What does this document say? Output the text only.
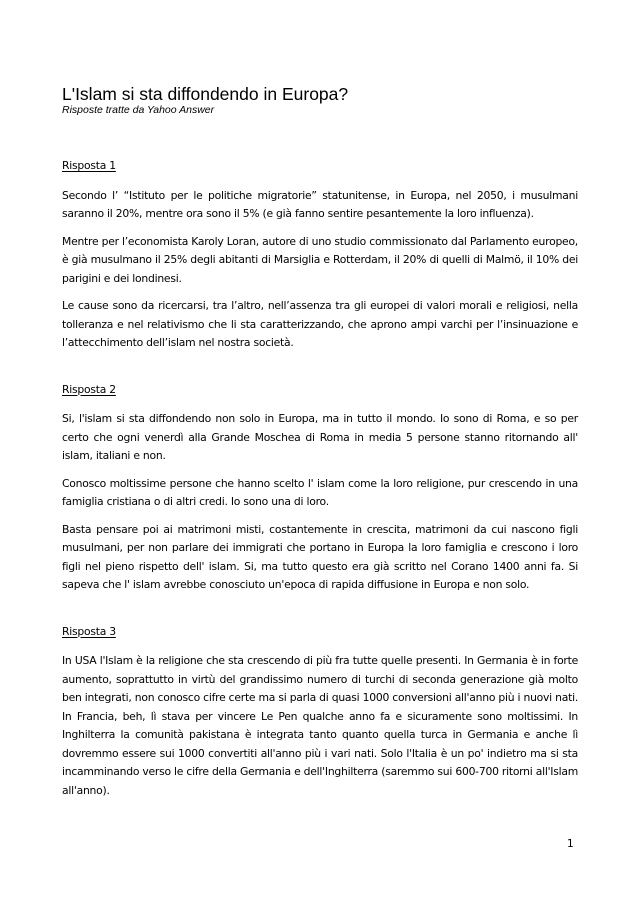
L'Islam si sta diffondendo in Europa?
Risposte tratte da Yahoo Answer
Risposta 1

Secondo l’ “Istituto per le politiche migratorie” statunitense, in Europa, nel 2050, i musulmani saranno il 20%, mentre ora sono il 5% (e già fanno sentire pesantemente la loro influenza).

Mentre per l’economista Karoly Loran, autore di uno studio commissionato dal Parlamento europeo, è già musulmano il 25% degli abitanti di Marsiglia e Rotterdam, il 20% di quelli di Malmö, il 10% dei parigini e dei londinesi.

Le cause sono da ricercarsi, tra l’altro, nell’assenza tra gli europei di valori morali e religiosi, nella tolleranza e nel relativismo che li sta caratterizzando, che aprono ampi varchi per l’insinuazione e l’attecchimento dell’islam nel nostra società.

Risposta 2

Si, l'islam si sta diffondendo non solo in Europa, ma in tutto il mondo. Io sono di Roma, e so per certo che ogni venerdì alla Grande Moschea di Roma in media 5 persone stanno ritornando all' islam, italiani e non.

Conosco moltissime persone che hanno scelto l' islam come la loro religione, pur crescendo in una famiglia cristiana o di altri credi. Io sono una di loro.

Basta pensare poi ai matrimoni misti, costantemente in crescita, matrimoni da cui nascono figli musulmani, per non parlare dei immigrati che portano in Europa la loro famiglia e crescono i loro figli nel pieno rispetto dell' islam. Si, ma tutto questo era già scritto nel Corano 1400 anni fa. Si sapeva che l' islam avrebbe conosciuto un'epoca di rapida diffusione in Europa e non solo.

Risposta 3

In USA l'Islam è la religione che sta crescendo di più fra tutte quelle presenti. In Germania è in forte aumento, soprattutto in virtù del grandissimo numero di turchi di seconda generazione già molto ben integrati, non conosco cifre certe ma si parla di quasi 1000 conversioni all'anno più i nuovi nati. In Francia, beh, lì stava per vincere Le Pen qualche anno fa e sicuramente sono moltissimi. In Inghilterra la comunità pakistana è integrata tanto quanto quella turca in Germania e anche lì dovremmo essere sui 1000 convertiti all'anno più i vari nati. Solo l'Italia è un po' indietro ma si sta incamminando verso le cifre della Germania e dell'Inghilterra (saremmo sui 600-700 ritorni all'Islam all'anno).

1
